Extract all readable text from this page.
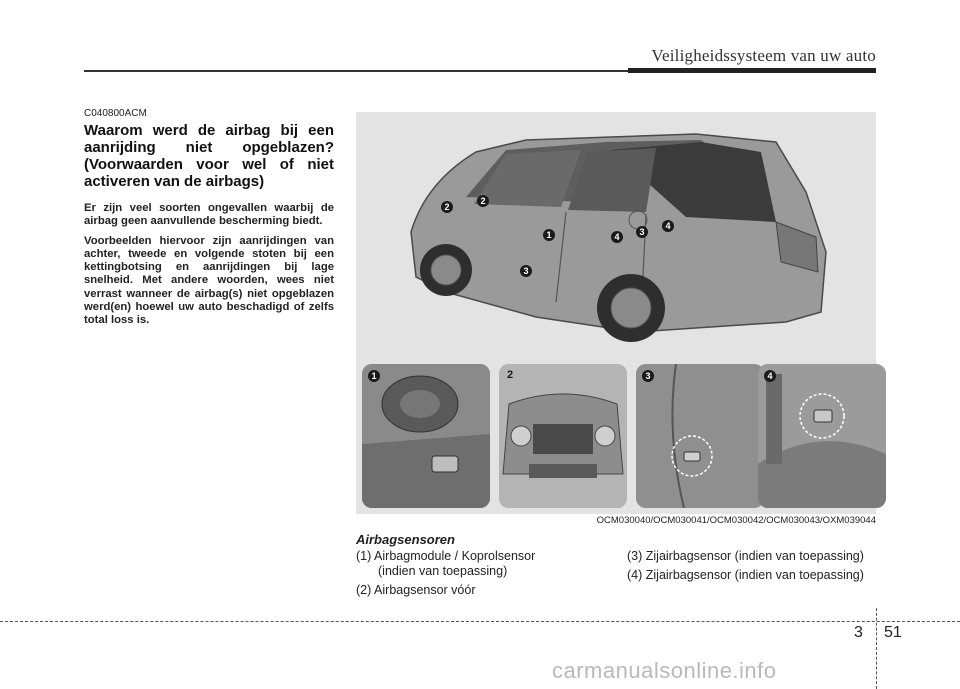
Veiligheidssysteem van uw auto

C040800ACM

Waarom werd de airbag bij een aanrijding niet opgeblazen? (Voorwaarden voor wel of niet activeren van de airbags)

Er zijn veel soorten ongevallen waarbij de airbag geen aanvullende bescherming biedt.

Voorbeelden hiervoor zijn aanrijdingen van achter, tweede en volgende stoten bij een kettingbotsing en aanrijdingen bij lage snelheid. Met andere woorden, wees niet verrast wanneer de airbag(s) niet opgeblazen werd(en) hoewel uw auto beschadigd of zelfs total loss is.

2
2
1	4	3
4
3
1	2	3	4
OCM030040/OCM030041/OCM030042/OCM030043/OXM039044
Airbagsensoren
(1) Airbagmodule / Koprolsensor
(indien van toepassing)
(2) Airbagsensor vóór
(3) Zijairbagsensor (indien van toepassing)
(4) Zijairbagsensor (indien van toepassing)
3 51
carmanualsonline.info
